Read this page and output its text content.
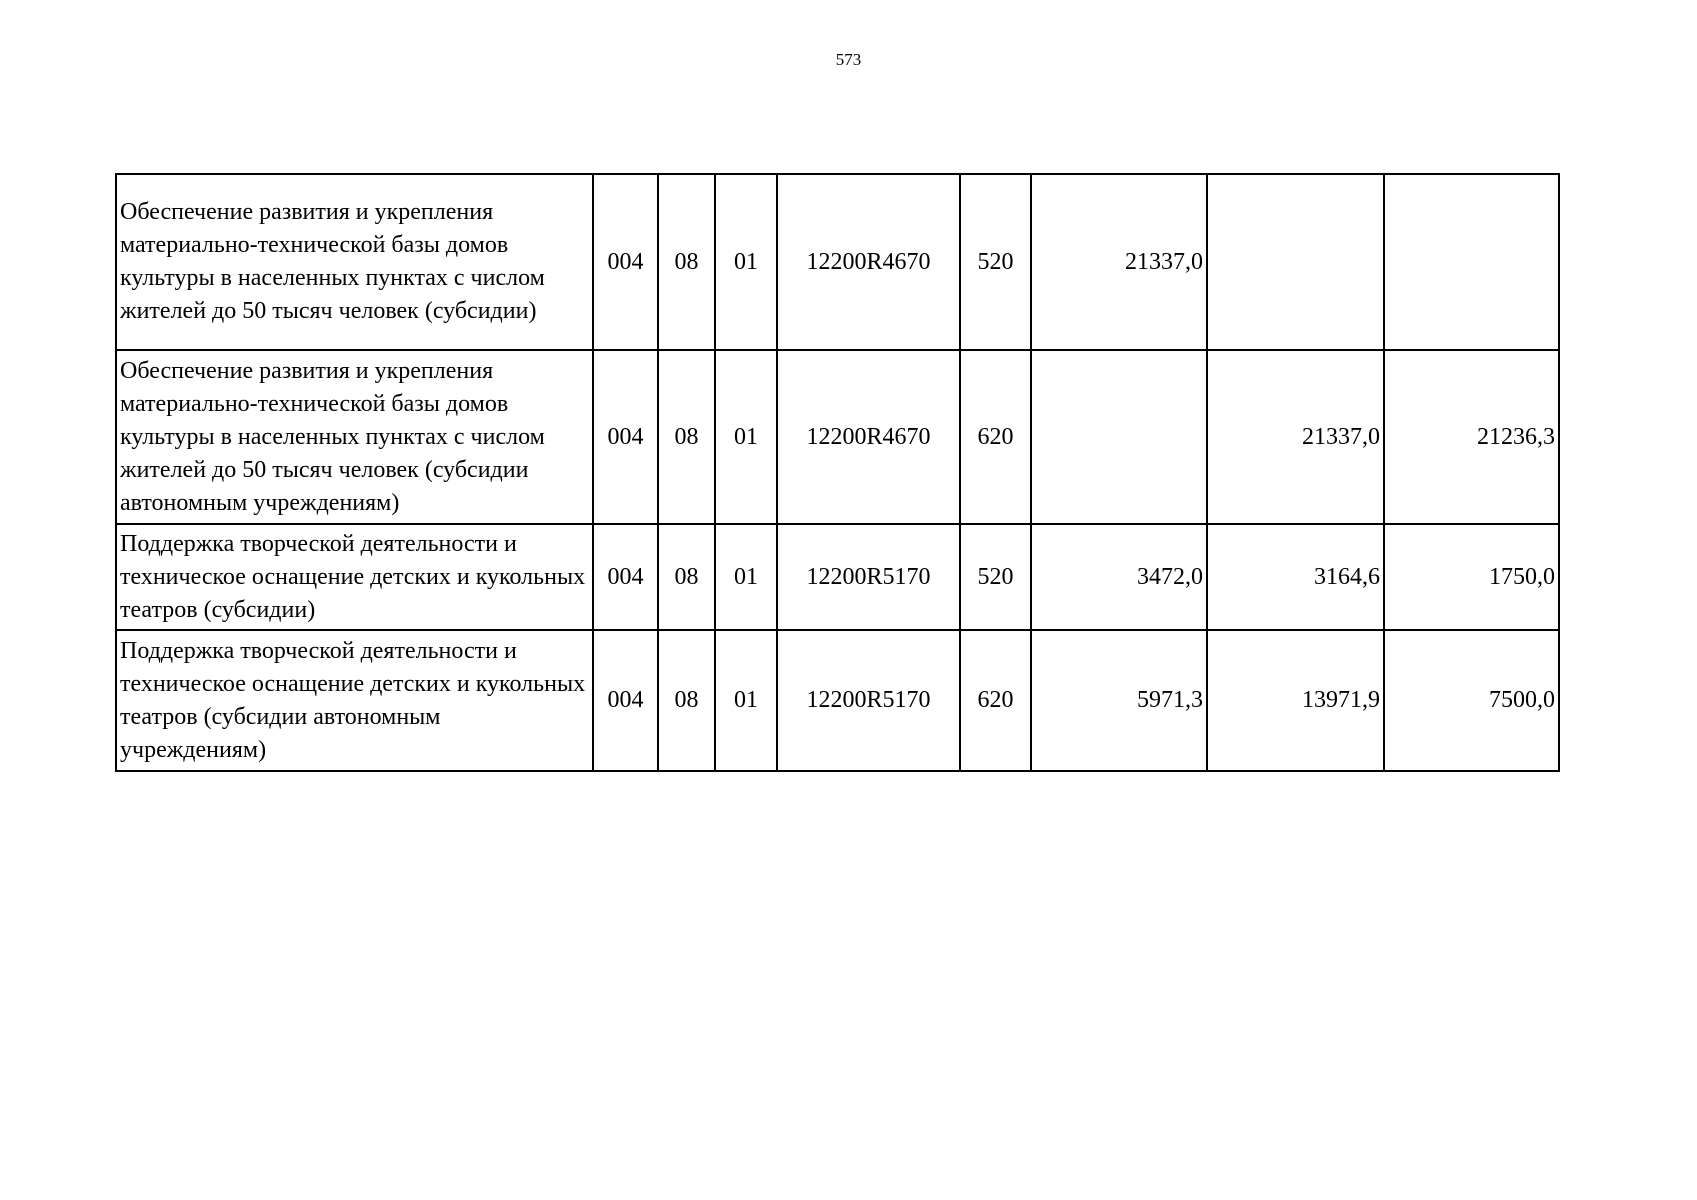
573
Обеспечение развития и укрепления материально-технической базы домов культуры в населенных пунктах с числом жителей до 50 тысяч человек (субсидии)	004	08	01	12200R4670	520	21337,0		
Обеспечение развития и укрепления материально-технической базы домов культуры в населенных пунктах с числом жителей до 50 тысяч человек (субсидии автономным учреждениям)	004	08	01	12200R4670	620		21337,0	21236,3
Поддержка творческой деятельности и техническое оснащение детских и кукольных театров (субсидии)	004	08	01	12200R5170	520	3472,0	3164,6	1750,0
Поддержка творческой деятельности и техническое оснащение детских и кукольных театров (субсидии автономным учреждениям)	004	08	01	12200R5170	620	5971,3	13971,9	7500,0
